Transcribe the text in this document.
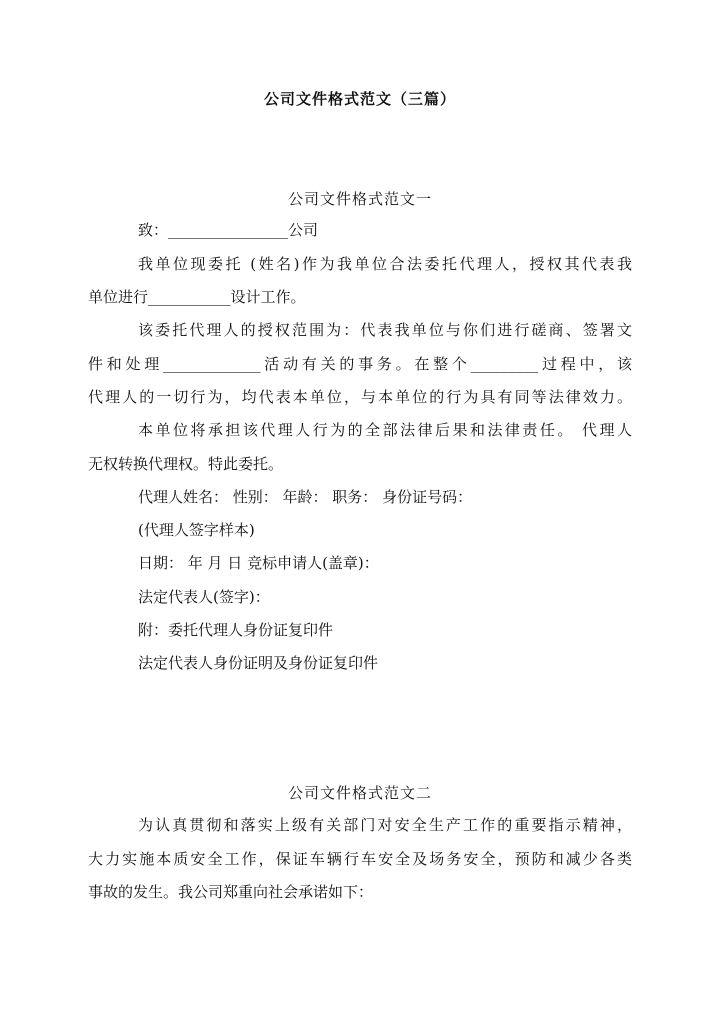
公司文件格式范文（三篇）
公司文件格式范文一
致：________________公司
我单位现委托 (姓名)作为我单位合法委托代理人，授权其代表我
单位进行___________设计工作。
该委托代理人的授权范围为：代表我单位与你们进行磋商、签署文
件和处理_____________活动有关的事务。在整个_________过程中，该
代理人的一切行为，均代表本单位，与本单位的行为具有同等法律效力。
本单位将承担该代理人行为的全部法律后果和法律责任。 代理人
无权转换代理权。特此委托。
代理人姓名： 性别： 年龄： 职务： 身份证号码：
(代理人签字样本)
日期： 年 月 日 竞标申请人(盖章)：
法定代表人(签字)：
附：委托代理人身份证复印件
法定代表人身份证明及身份证复印件
公司文件格式范文二
为认真贯彻和落实上级有关部门对安全生产工作的重要指示精神，
大力实施本质安全工作，保证车辆行车安全及场务安全，预防和减少各类
事故的发生。我公司郑重向社会承诺如下：
